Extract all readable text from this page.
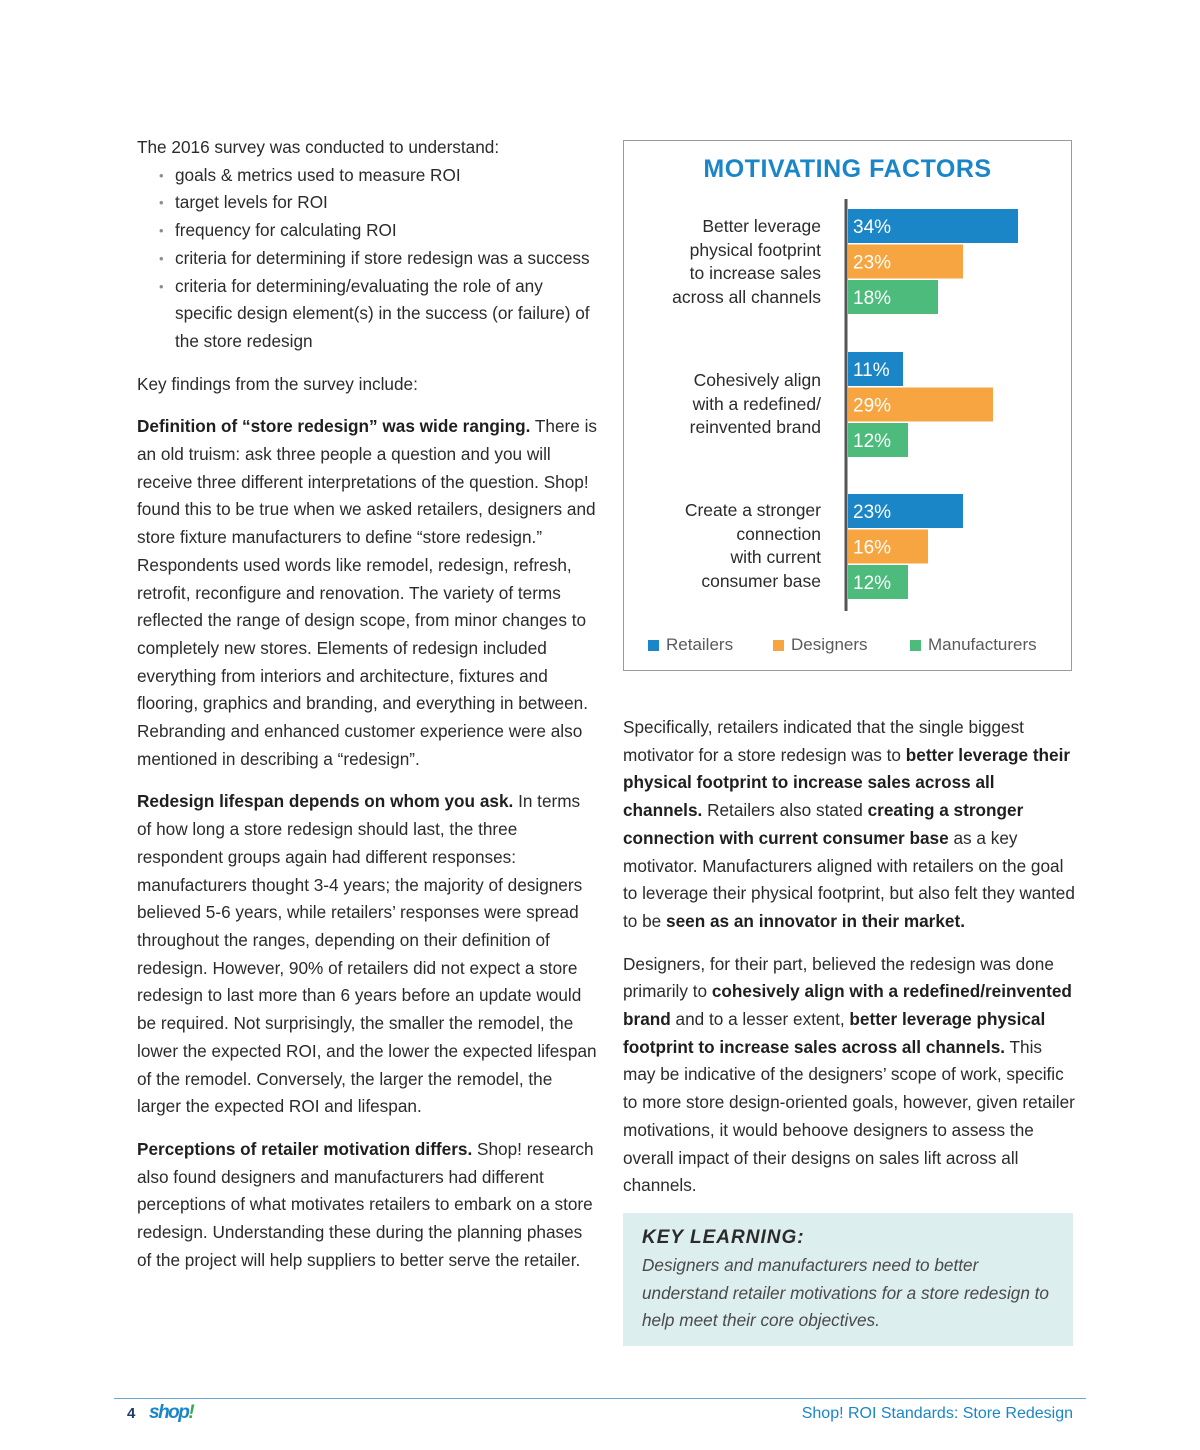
The 2016 survey was conducted to understand:

• goals & metrics used to measure ROI
• target levels for ROI
• frequency for calculating ROI
• criteria for determining if store redesign was a success
• criteria for determining/evaluating the role of any specific design element(s) in the success (or failure) of the store redesign

Key findings from the survey include:

Definition of “store redesign” was wide ranging. There is an old truism: ask three people a question and you will receive three different interpretations of the question. Shop! found this to be true when we asked retailers, designers and store fixture manufacturers to define “store redesign.” Respondents used words like remodel, redesign, refresh, retrofit, reconfigure and renovation. The variety of terms reflected the range of design scope, from minor changes to completely new stores. Elements of redesign included everything from interiors and architecture, fixtures and flooring, graphics and branding, and everything in between. Rebranding and enhanced customer experience were also mentioned in describing a “redesign”.

Redesign lifespan depends on whom you ask. In terms of how long a store redesign should last, the three respondent groups again had different responses: manufacturers thought 3-4 years; the majority of designers believed 5-6 years, while retailers’ responses were spread throughout the ranges, depending on their definition of redesign. However, 90% of retailers did not expect a store redesign to last more than 6 years before an update would be required. Not surprisingly, the smaller the remodel, the lower the expected ROI, and the lower the expected lifespan of the remodel. Conversely, the larger the remodel, the larger the expected ROI and lifespan.

Perceptions of retailer motivation differs. Shop! research also found designers and manufacturers had different perceptions of what motivates retailers to embark on a store redesign. Understanding these during the planning phases of the project will help suppliers to better serve the retailer.

MOTIVATING FACTORS
Better leverage
physical footprint
to increase sales
across all channels
Cohesively align
with a redefined/
reinvented brand
Create a stronger
connection
with current
consumer base
34%
23%
18%
11%
29%
12%
23%
16%
12%
Retailers	Designers	Manufacturers

Specifically, retailers indicated that the single biggest motivator for a store redesign was to better leverage their physical footprint to increase sales across all channels. Retailers also stated creating a stronger connection with current consumer base as a key motivator. Manufacturers aligned with retailers on the goal to leverage their physical footprint, but also felt they wanted to be seen as an innovator in their market.

Designers, for their part, believed the redesign was done primarily to cohesively align with a redefined/reinvented brand and to a lesser extent, better leverage physical footprint to increase sales across all channels. This may be indicative of the designers’ scope of work, specific to more store design-oriented goals, however, given retailer motivations, it would behoove designers to assess the overall impact of their designs on sales lift across all channels.

KEY LEARNING:
Designers and manufacturers need to better understand retailer motivations for a store redesign to help meet their core objectives.
4 shop!	Shop! ROI Standards: Store Redesign
